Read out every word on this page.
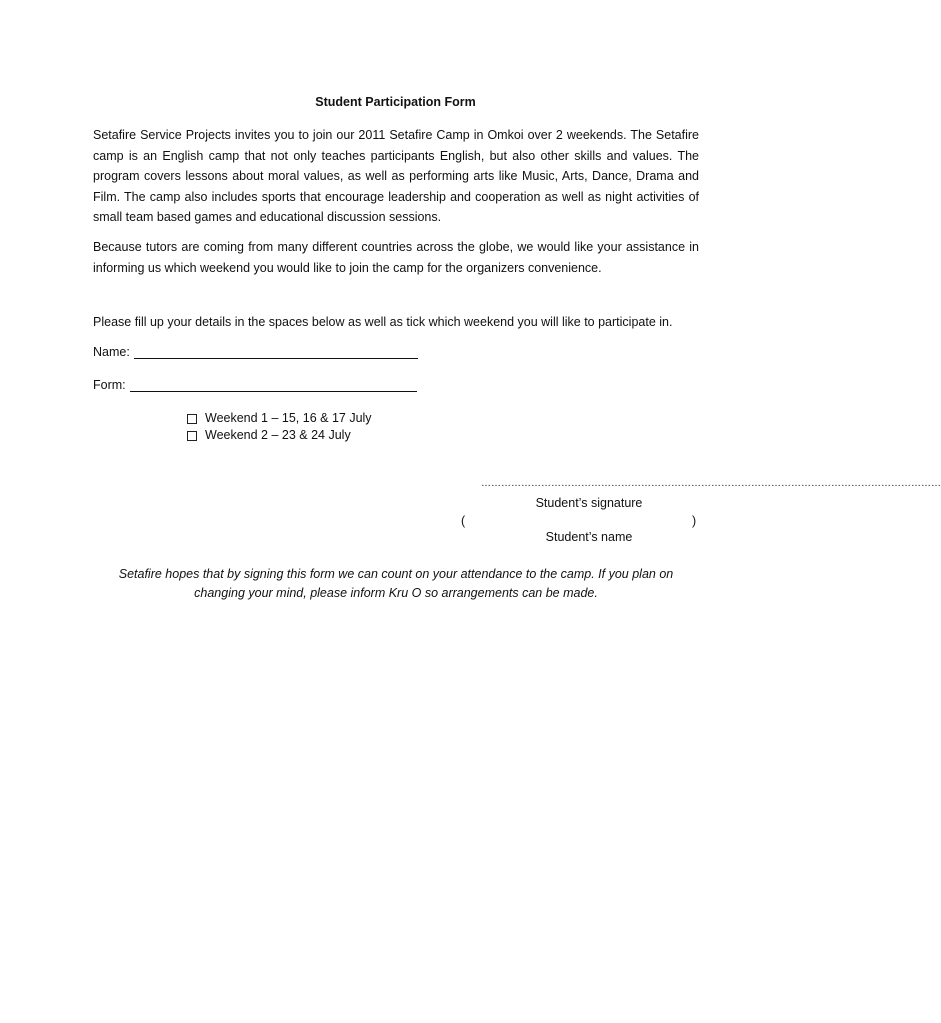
Student Participation Form

Setafire Service Projects invites you to join our 2011 Setafire Camp in Omkoi over 2 weekends. The Setafire camp is an English camp that not only teaches participants English, but also other skills and values. The program covers lessons about moral values, as well as performing arts like Music, Arts, Dance, Drama and Film. The camp also includes sports that encourage leadership and cooperation as well as night activities of small team based games and educational discussion sessions.

Because tutors are coming from many different countries across the globe, we would like your assistance in informing us which weekend you would like to join the camp for the organizers convenience.

Please fill up your details in the spaces below as well as tick which weekend you will like to participate in.

Name:
Form:
Weekend 1 – 15, 16 & 17 July
Weekend 2 – 23 & 24 July
…………………………………………………………………………………………………………………………
Student’s signature
(	)
Student’s name
Setafire hopes that by signing this form we can count on your attendance to the camp. If you plan on changing your mind, please inform Kru O so arrangements can be made.
